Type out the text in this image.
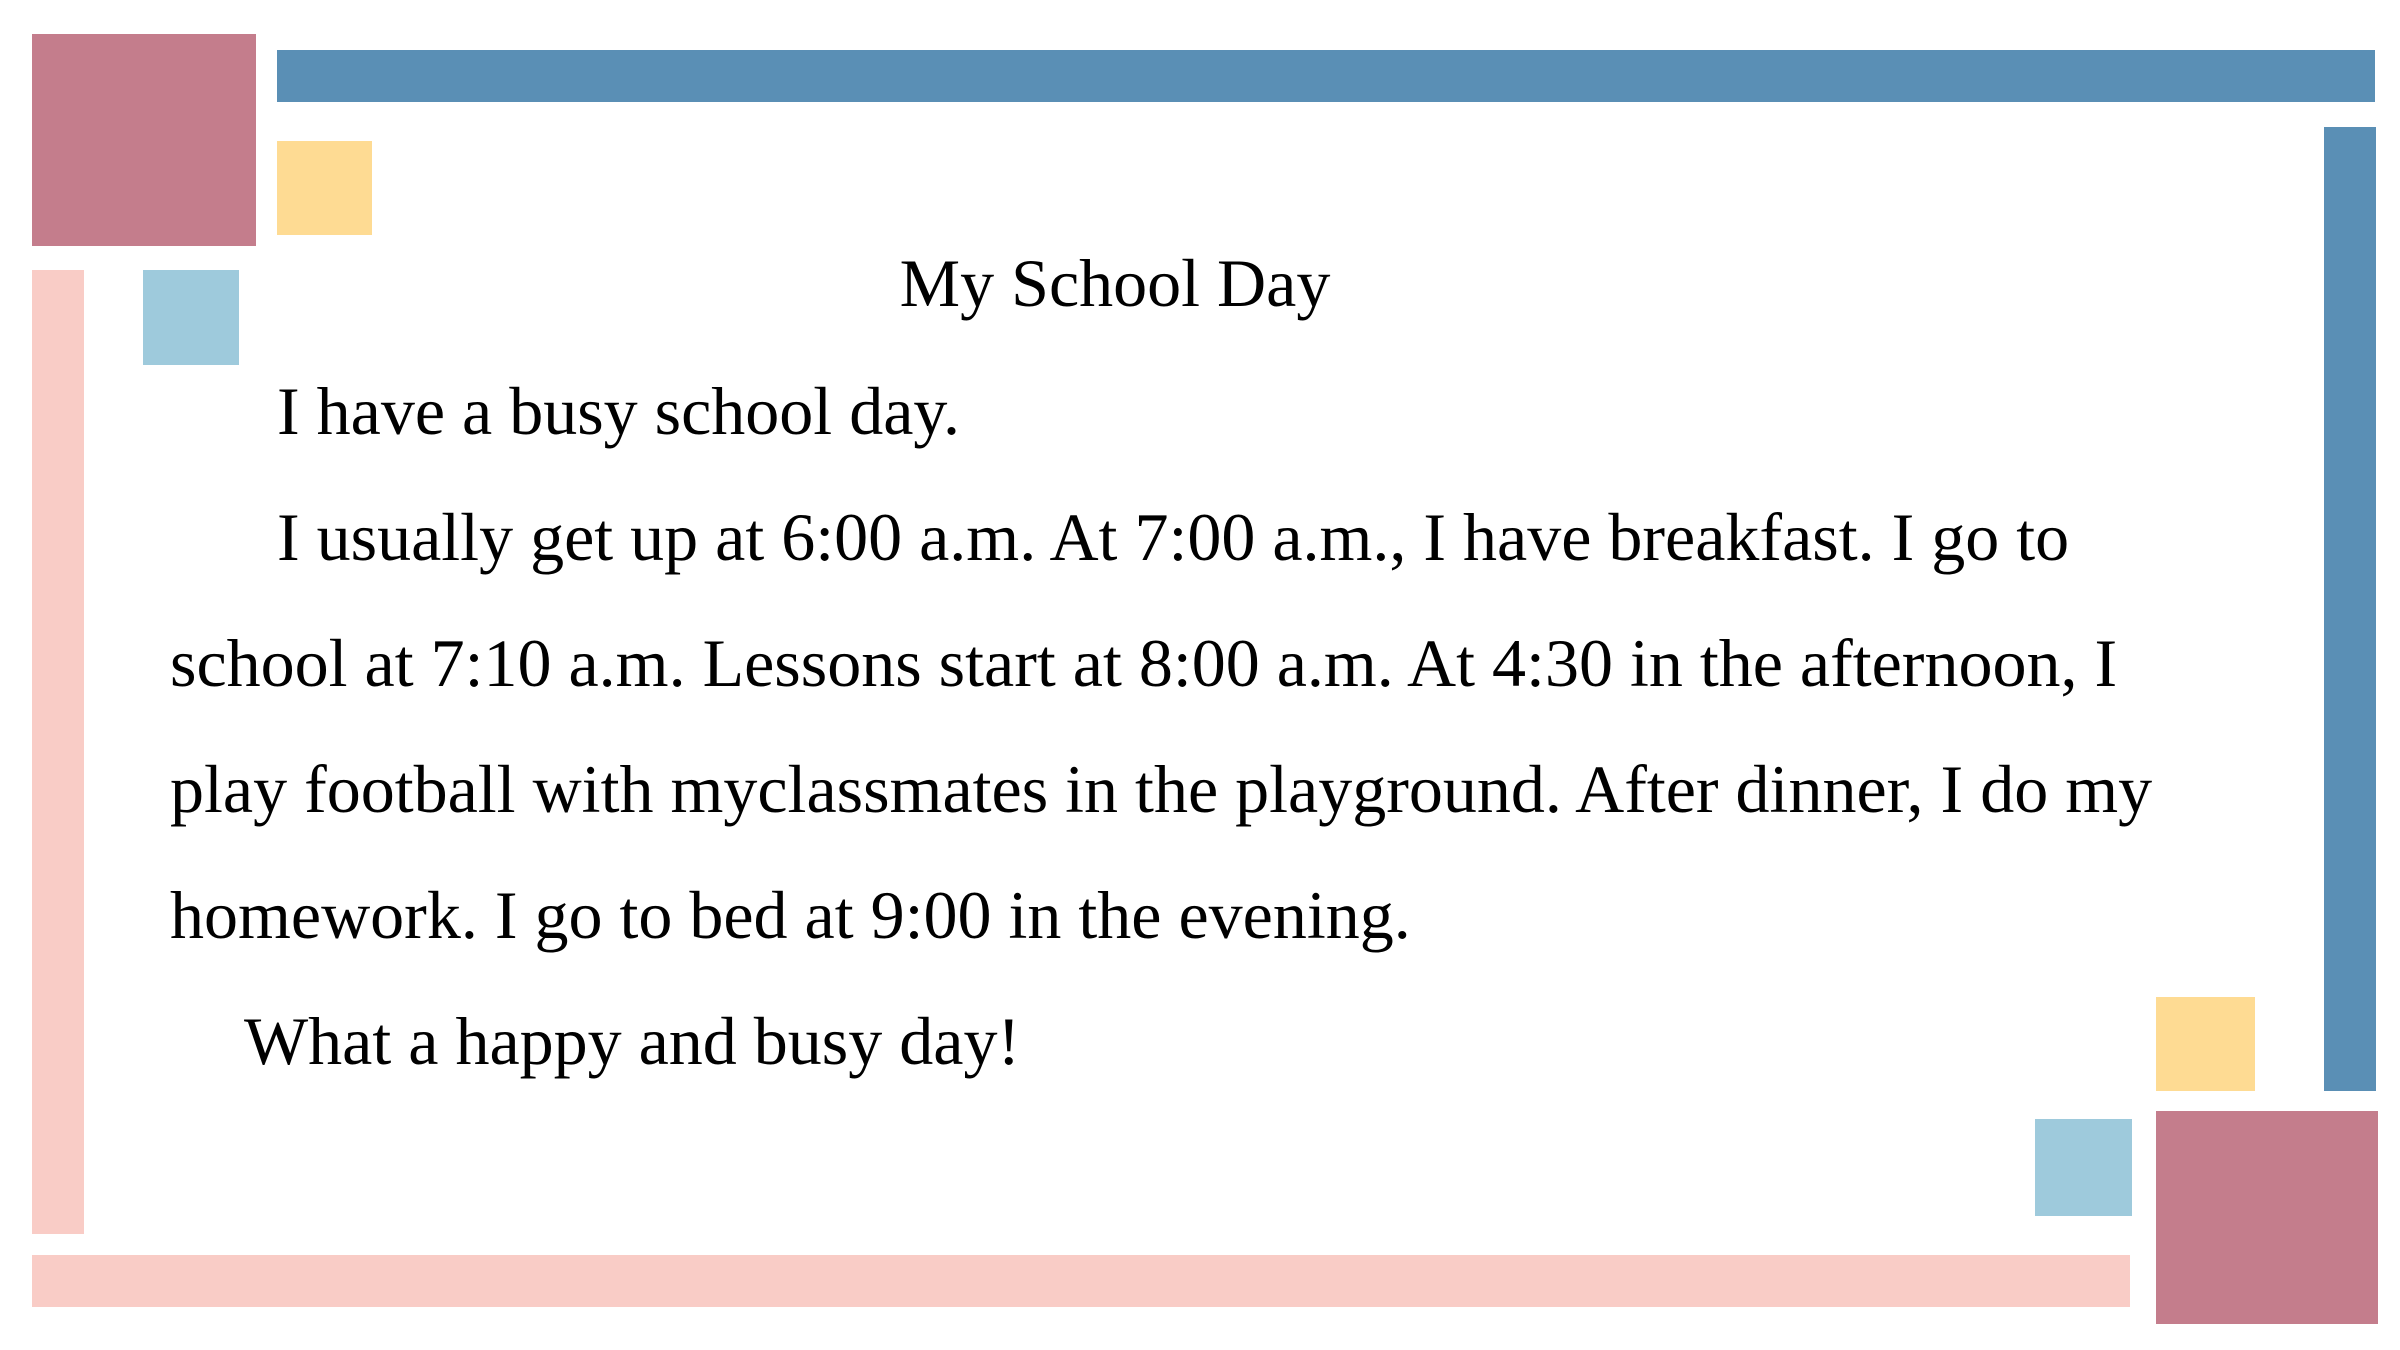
My School Day

I have a busy school day.

I usually get up at 6:00 a.m. At 7:00 a.m., I have breakfast. I go to

school at 7:10 a.m. Lessons start at 8:00 a.m. At 4:30 in the afternoon, I

play football with myclassmates in the playground. After dinner, I do my

homework. I go to bed at 9:00 in the evening.

What a happy and busy day!
